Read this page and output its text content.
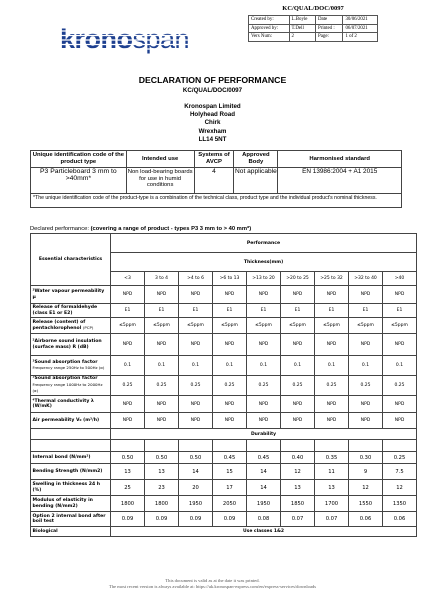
kronospan
KC/QUAL/DOC/0097
Created by:	L.Boyle	Date	30/06/2021
Approved by:	T.Dell	Printed :	06/07/2021
Vers Num:	2	Page:	1 of 2
DECLARATION OF PERFORMANCE
KC/QUAL/DOC/0097
Kronospan Limited
Holyhead Road
Chirk
Wrexham
LL14 5NT
Unique identification code of the product type	Intended use	Systems of AVCP	Approved Body	Harmonised standard
P3 Particleboard 3 mm to >40mm*	Non load-bearing boards for use in humid conditions	4	Not applicable	EN 13986:2004 + A1 2015
*The unique identification code of the product-type is a combination of the technical class, product type and the individual product's nominal thickness.				
Declared performance: (covering a range of product - types P3 3 mm to > 40 mm*)
Essential characteristics	Performance								
	Thickness(mm)								
	<3	3 to 4	>4 to 6	>6 to 13	>13 to 20	>20 to 25	>25 to 32	>32 to 40	>40
³Water vapour permeability μ	NPD	NPD	NPD	NPD	NPD	NPD	NPD	NPD	NPD
Release of formaldehyde (class E1 or E2)	E1	E1	E1	E1	E1	E1	E1	E1	E1
Release (content) of pentachlorophenol (PCP)	≤5ppm	≤5ppm	≤5ppm	≤5ppm	≤5ppm	≤5ppm	≤5ppm	≤5ppm	≤5ppm
²Airborne sound insulation (surface mass) R (dB)	NPD	NPD	NPD	NPD	NPD	NPD	NPD	NPD	NPD
³Sound absorption factor
Frequency range 250Hz to 500Hz (α)	0.1	0.1	0.1	0.1	0.1	0.1	0.1	0.1	0.1
³Sound absorption factor
Frequency range 1000Hz to 2000Hz (α)	0.25	0.25	0.25	0.25	0.25	0.25	0.25	0.25	0.25
⁴Thermal conductivity λ (W/mK)	NPD	NPD	NPD	NPD	NPD	NPD	NPD	NPD	NPD
Air permeability V₀ (m³/h)	NPD	NPD	NPD	NPD	NPD	NPD	NPD	NPD	NPD
	Durability								

Internal bond (N/mm²)	0.50	0.50	0.50	0.45	0.45	0.40	0.35	0.30	0.25
Bending Strength (N/mm2)	13	13	14	15	14	12	11	9	7.5
Swelling in thickness 24 h (%)	25	23	20	17	14	13	13	12	12
Modulus of elasticity in bending (N/mm2)	1800	1800	1950	2050	1950	1850	1700	1550	1350
Option 2 internal bond after boil test	0.09	0.09	0.09	0.09	0.08	0.07	0.07	0.06	0.06
Biological	Use classes 1&2								
This document is valid as at the date it was printed.
The most recent version is always available at: https://uk.kronospan-express.com/en/express-services/downloads
